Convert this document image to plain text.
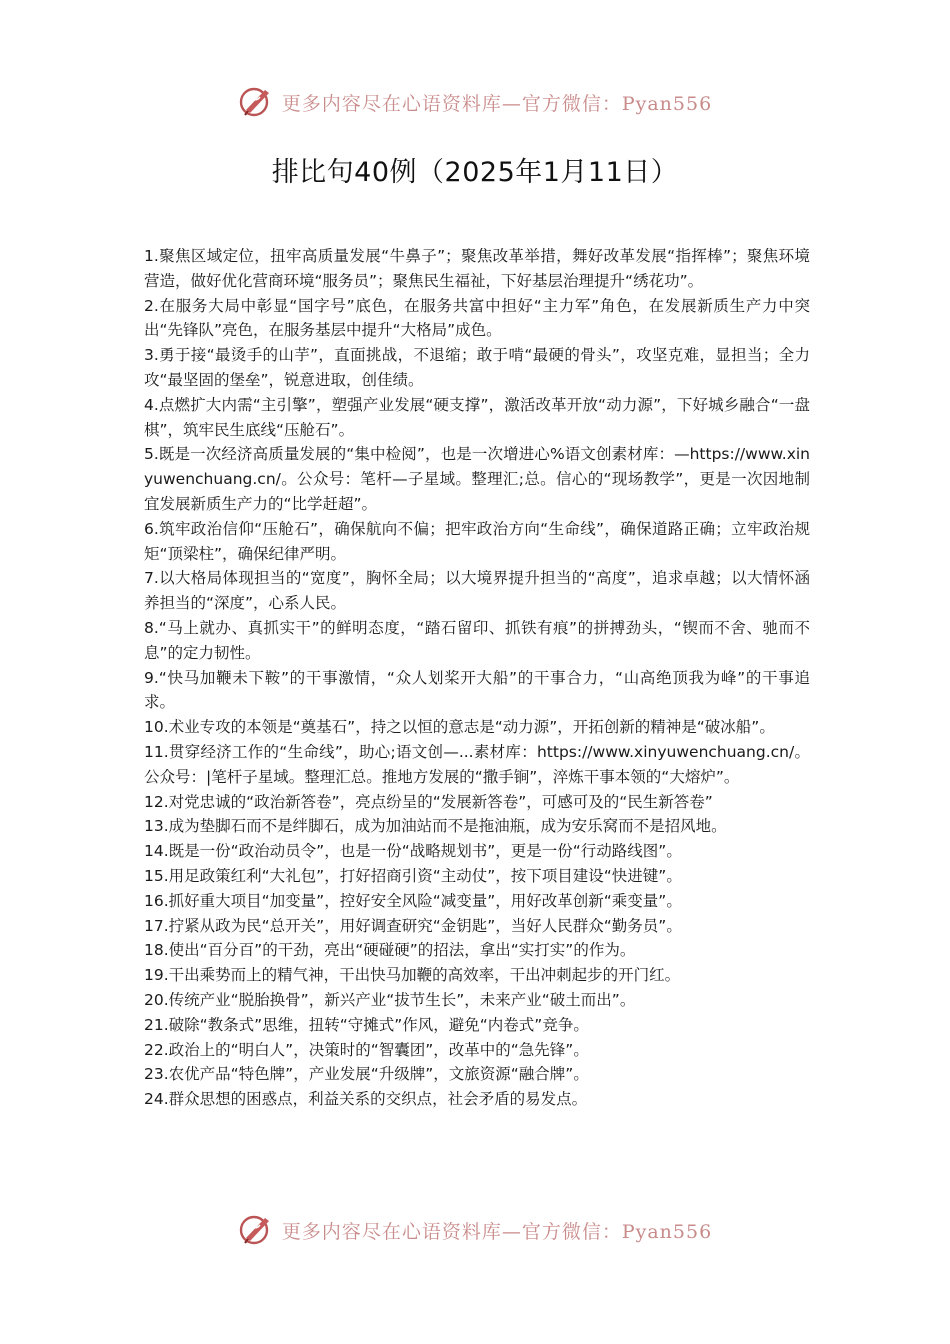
更多内容尽在心语资料库—官方微信：Pyan556
排比句40例（2025年1月11日）

1.聚焦区域定位，扭牢高质量发展“牛鼻子”；聚焦改革举措，舞好改革发展“指挥棒”；聚焦环境营造，做好优化营商环境“服务员”；聚焦民生福祉，下好基层治理提升“绣花功”。

2.在服务大局中彰显“国字号”底色，在服务共富中担好“主力军”角色，在发展新质生产力中突出“先锋队”亮色，在服务基层中提升“大格局”成色。

3.勇于接“最烫手的山芋”，直面挑战，不退缩；敢于啃“最硬的骨头”，攻坚克难，显担当；全力攻“最坚固的堡垒”，锐意进取，创佳绩。

4.点燃扩大内需“主引擎”，塑强产业发展“硬支撑”，激活改革开放“动力源”，下好城乡融合“一盘棋”，筑牢民生底线“压舱石”。

5.既是一次经济高质量发展的“集中检阅”，也是一次增进心%语文创素材库：—https://www.xinyuwenchuang.cn/。公众号：笔杆—子星域。整理汇;总。信心的“现场教学”，更是一次因地制宜发展新质生产力的“比学赶超”。

6.筑牢政治信仰“压舱石”，确保航向不偏；把牢政治方向“生命线”，确保道路正确；立牢政治规矩“顶梁柱”，确保纪律严明。

7.以大格局体现担当的“宽度”，胸怀全局；以大境界提升担当的“高度”，追求卓越；以大情怀涵养担当的“深度”，心系人民。

8.“马上就办、真抓实干”的鲜明态度，“踏石留印、抓铁有痕”的拼搏劲头，“锲而不舍、驰而不息”的定力韧性。

9.“快马加鞭未下鞍”的干事激情，“众人划桨开大船”的干事合力，“山高绝顶我为峰”的干事追求。

10.术业专攻的本领是“奠基石”，持之以恒的意志是“动力源”，开拓创新的精神是“破冰船”。

11.贯穿经济工作的“生命线”，助心;语文创—...素材库：https://www.xinyuwenchuang.cn/。公众号：|笔杆子星域。整理汇总。推地方发展的“撒手锏”，淬炼干事本领的“大熔炉”。

12.对党忠诚的“政治新答卷”，亮点纷呈的“发展新答卷”，可感可及的“民生新答卷”

13.成为垫脚石而不是绊脚石，成为加油站而不是拖油瓶，成为安乐窝而不是招风地。

14.既是一份“政治动员令”，也是一份“战略规划书”，更是一份“行动路线图”。

15.用足政策红利“大礼包”，打好招商引资“主动仗”，按下项目建设“快进键”。

16.抓好重大项目“加变量”，控好安全风险“减变量”，用好改革创新“乘变量”。

17.拧紧从政为民“总开关”，用好调查研究“金钥匙”，当好人民群众“勤务员”。

18.使出“百分百”的干劲，亮出“硬碰硬”的招法，拿出“实打实”的作为。

19.干出乘势而上的精气神，干出快马加鞭的高效率，干出冲刺起步的开门红。

20.传统产业“脱胎换骨”，新兴产业“拔节生长”，未来产业“破土而出”。

21.破除“教条式”思维，扭转“守摊式”作风，避免“内卷式”竞争。

22.政治上的“明白人”，决策时的“智囊团”，改革中的“急先锋”。

23.农优产品“特色牌”，产业发展“升级牌”，文旅资源“融合牌”。

24.群众思想的困惑点，利益关系的交织点，社会矛盾的易发点。

更多内容尽在心语资料库—官方微信：Pyan556
